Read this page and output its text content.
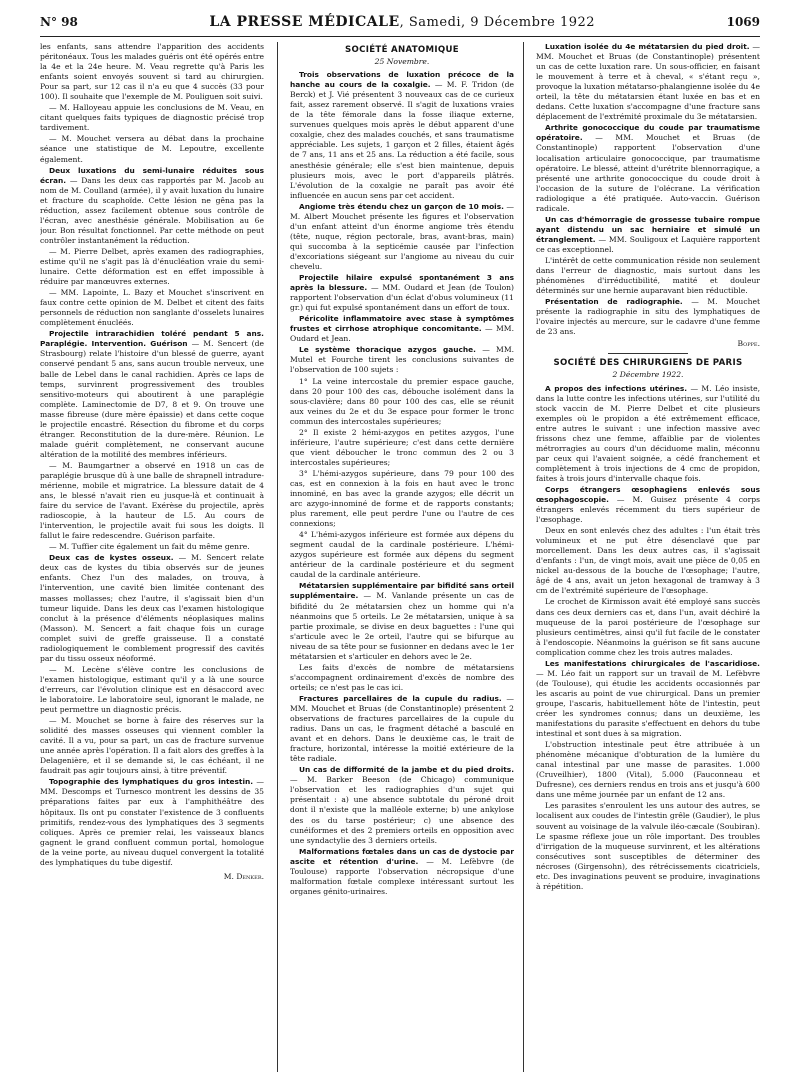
N° 98	LA PRESSE MÉDICALE, Samedi, 9 Décembre 1922	1069

les enfants, sans attendre l'apparition des accidents péritonéaux. Tous les malades guéris ont été opérés entre la 4e et la 24e heure. M. Veau regrette qu'à Paris les enfants soient envoyés souvent si tard au chirurgien. Pour sa part, sur 12 cas il n'a eu que 4 succès (33 pour 100). Il souhaite que l'exemple de M. Pouliguen soit suivi.

— M. Halloyeau appuie les conclusions de M. Veau, en citant quelques faits typiques de diagnostic précisé trop tardivement.

— M. Mouchet versera au débat dans la prochaine séance une statistique de M. Lepoutre, excellente également.

Deux luxations du semi-lunaire réduites sous écran. — Dans les deux cas rapportés par M. Jacob au nom de M. Coulland (armée), il y avait luxation du lunaire et fracture du scaphoïde. Cette lésion ne gêna pas la réduction, assez facilement obtenue sous contrôle de l'écran, avec anesthésie générale. Mobilisation au 6e jour. Bon résultat fonctionnel. Par cette méthode on peut contrôler instantanément la réduction.

— M. Pierre Delbet, après examen des radiographies, estime qu'il ne s'agit pas là d'énucléation vraie du semi-lunaire. Cette déformation est en effet impossible à réduire par manœuvres externes.

— MM. Lapointe, L. Bazy et Mouchet s'inscrivent en faux contre cette opinion de M. Delbet et citent des faits personnels de réduction non sanglante d'osselets lunaires complètement énucléés.

Projectile intrarachidien toléré pendant 5 ans. Paraplégie. Intervention. Guérison — M. Sencert (de Strasbourg) relate l'histoire d'un blessé de guerre, ayant conservé pendant 5 ans, sans aucun trouble nerveux, une balle de Lebel dans le canal rachidien. Après ce laps de temps, survinrent progressivement des troubles sensitivo-moteurs qui aboutirent à une paraplégie complète. Laminectomie de D7, 8 et 9. On trouve une masse fibreuse (dure mère épaissie) et dans cette coque le projectile encastré. Résection du fibrome et du corps étranger. Reconstitution de la dure-mère. Réunion. Le malade guérit complètement, ne conservant aucune altération de la motilité des membres inférieurs.

— M. Baumgartner a observé en 1918 un cas de paraplégie brusque dû à une balle de shrapnell intradure-mérienne, mobile et migratrice. La blessure datait de 4 ans, le blessé n'avait rien eu jusque-là et continuait à faire du service de l'avant. Exérèse du projectile, après radioscopie, à la hauteur de L5. Au cours de l'intervention, le projectile avait fui sous les doigts. Il fallut le faire redescendre. Guérison parfaite.

— M. Tuffier cite également un fait du même genre.

Deux cas de kystes osseux. — M. Sencert relate deux cas de kystes du tibia observés sur de jeunes enfants. Chez l'un des malades, on trouva, à l'intervention, une cavité bien limitée contenant des masses mollasses; chez l'autre, il s'agissait bien d'un tumeur liquide. Dans les deux cas l'examen histologique conclut à la présence d'éléments néoplasiques malins (Masson). M. Sencert a fait chaque fois un curage complet suivi de greffe graisseuse. Il a constaté radiologiquement le comblement progressif des cavités par du tissu osseux néoformé.

— M. Lecène s'élève contre les conclusions de l'examen histologique, estimant qu'il y a là une source d'erreurs, car l'évolution clinique est en désaccord avec le laboratoire. Le laboratoire seul, ignorant le malade, ne peut permettre un diagnostic précis.

— M. Mouchet se borne à faire des réserves sur la solidité des masses osseuses qui viennent combler la cavité. Il a vu, pour sa part, un cas de fracture survenue une année après l'opération. Il a fait alors des greffes à la Delagenière, et il se demande si, le cas échéant, il ne faudrait pas agir toujours ainsi, à titre préventif.

Topographie des lymphatiques du gros intestin. — MM. Descomps et Turnesco montrent les dessins de 35 préparations faites par eux à l'amphithéâtre des hôpitaux. Ils ont pu constater l'existence de 3 confluents primitifs, rendez-vous des lymphatiques des 3 segments coliques. Après ce premier relai, les vaisseaux blancs gagnent le grand confluent commun portal, homologue de la veine porte, au niveau duquel convergent la totalité des lymphatiques du tube digestif.

M. Denker.

SOCIÉTÉ ANATOMIQUE

25 Novembre.

Trois observations de luxation précoce de la hanche au cours de la coxalgie. — M. F. Tridon (de Berck) et J. Vié présentent 3 nouveaux cas de ce curieux fait, assez rarement observé. Il s'agit de luxations vraies de la tête fémorale dans la fosse iliaque externe, survenues quelques mois après le début apparent d'une coxalgie, chez des malades couchés, et sans traumatisme appréciable. Les sujets, 1 garçon et 2 filles, étaient âgés de 7 ans, 11 ans et 25 ans. La réduction a été facile, sous anesthésie générale; elle s'est bien maintenue, depuis plusieurs mois, avec le port d'appareils plâtrés. L'évolution de la coxalgie ne paraît pas avoir été influencée en aucun sens par cet accident.

Angiome très étendu chez un garçon de 10 mois. — M. Albert Mouchet présente les figures et l'observation d'un enfant atteint d'un énorme angiome très étendu (tête, nuque, région pectorale, bras, avant-bras, main) qui succomba à la septicémie causée par l'infection d'excoriations siégeant sur l'angiome au niveau du cuir chevelu.

Projectile hilaire expulsé spontanément 3 ans après la blessure. — MM. Oudard et Jean (de Toulon) rapportent l'observation d'un éclat d'obus volumineux (11 gr.) qui fut expulsé spontanément dans un effort de toux.

Péricolite inflammatoire avec stase à symptômes frustes et cirrhose atrophique concomitante. — MM. Oudard et Jean.

Le système thoracique azygos gauche. — MM. Mutel et Fourche tirent les conclusions suivantes de l'observation de 100 sujets :

1° La veine intercostale du premier espace gauche, dans 20 pour 100 des cas, débouche isolément dans la sous-clavière; dans 80 pour 100 des cas, elle se réunit aux veines du 2e et du 3e espace pour former le tronc commun des intercostales supérieures;

2° Il existe 2 hémi-azygos en petites azygos, l'une inférieure, l'autre supérieure; c'est dans cette dernière que vient déboucher le tronc commun des 2 ou 3 intercostales supérieures;

3° L'hémi-azygos supérieure, dans 79 pour 100 des cas, est en connexion à la fois en haut avec le tronc innominé, en bas avec la grande azygos; elle décrit un arc azygo-innominé de forme et de rapports constants; plus rarement, elle peut perdre l'une ou l'autre de ces connexions;

4° L'hémi-azygos inférieure est formée aux dépens du segment caudal de la cardinale postérieure. L'hémi-azygos supérieure est formée aux dépens du segment antérieur de la cardinale postérieure et du segment caudal de la cardinale antérieure.

Métatarsien supplémentaire par bifidité sans orteil supplémentaire. — M. Vanlande présente un cas de bifidité du 2e métatarsien chez un homme qui n'a néanmoins que 5 orteils. Le 2e métatarsien, unique à sa partie proximale, se divise en deux baguettes : l'une qui s'articule avec le 2e orteil, l'autre qui se bifurque au niveau de sa tête pour se fusionner en dedans avec le 1er métatarsien et s'articuler en dehors avec le 2e.

Les faits d'excès de nombre de métatarsiens s'accompagnent ordinairement d'excès de nombre des orteils; ce n'est pas le cas ici.

Fractures parcellaires de la cupule du radius. — MM. Mouchet et Bruas (de Constantinople) présentent 2 observations de fractures parcellaires de la cupule du radius. Dans un cas, le fragment détaché a basculé en avant et en dehors. Dans le deuxième cas, le trait de fracture, horizontal, intéresse la moitié extérieure de la tête radiale.

Un cas de difformité de la jambe et du pied droits. — M. Barker Beeson (de Chicago) communique l'observation et les radiographies d'un sujet qui présentait : a) une absence subtotale du péroné droit dont il n'existe que la malléole externe; b) une ankylose des os du tarse postérieur; c) une absence des cunéiformes et des 2 premiers orteils en opposition avec une syndactylie des 3 derniers orteils.

Malformations fœtales dans un cas de dystocie par ascite et rétention d'urine. — M. Lefèbvre (de Toulouse) rapporte l'observation nécropsique d'une malformation fœtale complexe intéressant surtout les organes génito-urinaires.

Luxation isolée du 4e métatarsien du pied droit. — MM. Mouchet et Bruas (de Constantinople) présentent un cas de cette luxation rare. Un sous-officier, en faisant le mouvement à terre et à cheval, « s'étant reçu », provoque la luxation métatarso-phalangienne isolée du 4e orteil, la tête du métatarsien étant luxée en bas et en dedans. Cette luxation s'accompagne d'une fracture sans déplacement de l'extrémité proximale du 3e métatarsien.

Arthrite gonococcique du coude par traumatisme opératoire. — MM. Mouchet et Bruas (de Constantinople) rapportent l'observation d'une localisation articulaire gonococcique, par traumatisme opératoire. Le blessé, atteint d'urétrite blennorragique, a présenté une arthrite gonococcique du coude droit à l'occasion de la suture de l'olécrane. La vérification radiologique a été pratiquée. Auto-vaccin. Guérison radicale.

Un cas d'hémorragie de grossesse tubaire rompue ayant distendu un sac herniaire et simulé un étranglement. — MM. Souligoux et Laquière rapportent ce cas exceptionnel.

L'intérêt de cette communication réside non seulement dans l'erreur de diagnostic, mais surtout dans les phénomènes d'irréductibilité, matité et douleur déterminés sur une hernie auparavant bien réductible.

Présentation de radiographie. — M. Mouchet présente la radiographie in situ des lymphatiques de l'ovaire injectés au mercure, sur le cadavre d'une femme de 23 ans.

Boppe.

SOCIÉTÉ DES CHIRURGIENS DE PARIS

2 Décembre 1922.

A propos des infections utérines. — M. Léo insiste, dans la lutte contre les infections utérines, sur l'utilité du stock vaccin de M. Pierre Delbet et cite plusieurs exemples où le propidon a été extrêmement efficace, entre autres le suivant : une infection massive avec frissons chez une femme, affaiblie par de violentes métrorragies au cours d'un déciduome malin, méconnu par ceux qui l'avaient soignée, a cédé franchement et complètement à trois injections de 4 cmc de propidon, faites à trois jours d'intervalle chaque fois.

Corps étrangers œsophagiens enlevés sous œsophagoscopie. — M. Guisez présente 4 corps étrangers enlevés récemment du tiers supérieur de l'œsophage.

Deux en sont enlevés chez des adultes : l'un était très volumineux et ne put être désenclavé que par morcellement. Dans les deux autres cas, il s'agissait d'enfants : l'un, de vingt mois, avait une pièce de 0,05 en nickel au-dessous de la bouche de l'œsophage; l'autre, âgé de 4 ans, avait un jeton hexagonal de tramway à 3 cm de l'extrémité supérieure de l'œsophage.

Le crochet de Kirmisson avait été employé sans succès dans ces deux derniers cas et, dans l'un, avait déchiré la muqueuse de la paroi postérieure de l'œsophage sur plusieurs centimètres, ainsi qu'il fut facile de le constater à l'endoscopie. Néanmoins la guérison se fit sans aucune complication comme chez les trois autres malades.

Les manifestations chirurgicales de l'ascaridiose. — M. Léo fait un rapport sur un travail de M. Lefèbvre (de Toulouse), qui étudie les accidents occasionnés par les ascaris au point de vue chirurgical. Dans un premier groupe, l'ascaris, habituellement hôte de l'intestin, peut créer les syndromes connus; dans un deuxième, les manifestations du parasite s'effectuent en dehors du tube intestinal et sont dues à sa migration.

L'obstruction intestinale peut être attribuée à un phénomène mécanique d'obturation de la lumière du canal intestinal par une masse de parasites. 1.000 (Cruveilhier), 1800 (Vital), 5.000 (Fauconneau et Dufresne), ces derniers rendus en trois ans et jusqu'à 600 dans une même journée par un enfant de 12 ans.

Les parasites s'enroulent les uns autour des autres, se localisent aux coudes de l'intestin grêle (Gaudier), le plus souvent au voisinage de la valvule iléo-cæcale (Soubiran). Le spasme réflexe joue un rôle important. Des troubles d'irrigation de la muqueuse survinrent, et les altérations consécutives sont susceptibles de déterminer des nécroses (Girgensohn), des rétrécissements cicatriciels, etc. Des invaginations peuvent se produire, invaginations à répétition.
